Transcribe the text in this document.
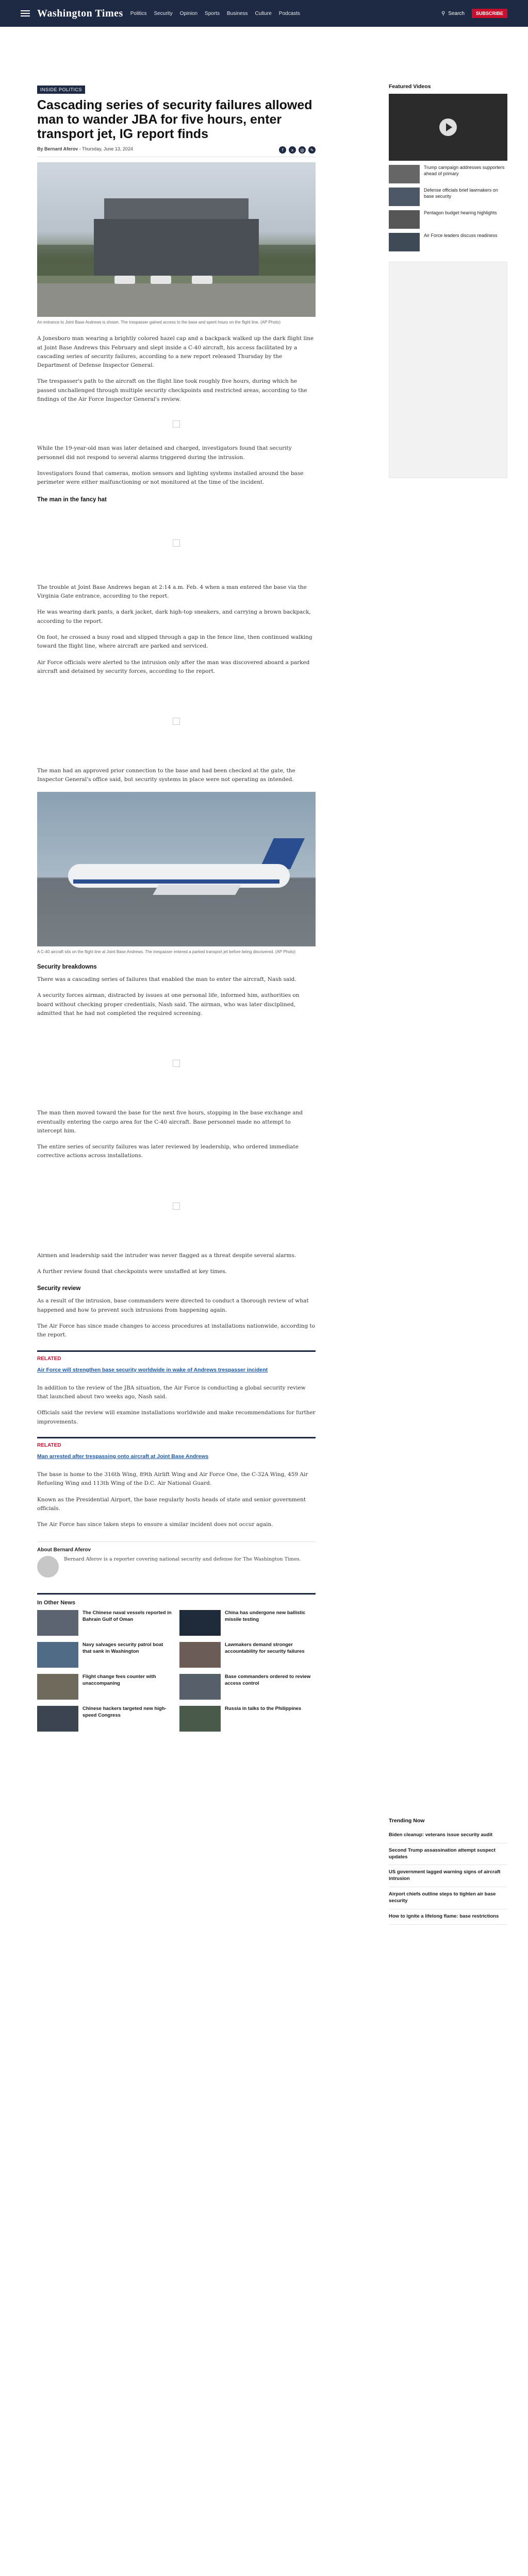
Washington Times Politics Security Opinion Sports Business Culture Podcasts	⚲ Search	SUBSCRIBE
INSIDE POLITICS
Cascading series of security failures allowed man to wander JBA for five hours, enter transport jet, IG report finds
By Bernard Aferov - Thursday, June 13, 2024	f	x	@	✎
An entrance to Joint Base Andrews is shown. The trespasser gained access to the base and spent hours on the flight line. (AP Photo)

A Jonesboro man wearing a brightly colored hazel cap and a backpack walked up the dark flight line at Joint Base Andrews this February and slept inside a C-40 aircraft, his access facilitated by a cascading series of security failures, according to a new report released Thursday by the Department of Defense Inspector General.

The trespasser's path to the aircraft on the flight line took roughly five hours, during which he passed unchallenged through multiple security checkpoints and restricted areas, according to the findings of the Air Force Inspector General's review.

While the 19-year-old man was later detained and charged, investigators found that security personnel did not respond to several alarms triggered during the intrusion.

Investigators found that cameras, motion sensors and lighting systems installed around the base perimeter were either malfunctioning or not monitored at the time of the incident.

The man in the fancy hat

The trouble at Joint Base Andrews began at 2:14 a.m. Feb. 4 when a man entered the base via the Virginia Gate entrance, according to the report.

He was wearing dark pants, a dark jacket, dark high-top sneakers, and carrying a brown backpack, according to the report.

On foot, he crossed a busy road and slipped through a gap in the fence line, then continued walking toward the flight line, where aircraft are parked and serviced.

Air Force officials were alerted to the intrusion only after the man was discovered aboard a parked aircraft and detained by security forces, according to the report.

The man had an approved prior connection to the base and had been checked at the gate, the Inspector General's office said, but security systems in place were not operating as intended.

A C-40 aircraft sits on the flight line at Joint Base Andrews. The trespasser entered a parked transport jet before being discovered. (AP Photo)
Security breakdowns

There was a cascading series of failures that enabled the man to enter the aircraft, Nash said.

A security forces airman, distracted by issues at one personal life, informed him, authorities on board without checking proper credentials, Nash said. The airman, who was later disciplined, admitted that he had not completed the required screening.

The man then moved toward the base for the next five hours, stopping in the base exchange and eventually entering the cargo area for the C-40 aircraft. Base personnel made no attempt to intercept him.

The entire series of security failures was later reviewed by leadership, who ordered immediate corrective actions across installations.

Airmen and leadership said the intruder was never flagged as a threat despite several alarms.

A further review found that checkpoints were unstaffed at key times.

Security review

As a result of the intrusion, base commanders were directed to conduct a thorough review of what happened and how to prevent such intrusions from happening again.

The Air Force has since made changes to access procedures at installations nationwide, according to the report.

RELATED
Air Force will strengthen base security worldwide in wake of Andrews trespasser incident

In addition to the review of the JBA situation, the Air Force is conducting a global security review that launched about two weeks ago, Nash said.

Officials said the review will examine installations worldwide and make recommendations for further improvements.

RELATED
Man arrested after trespassing onto aircraft at Joint Base Andrews

The base is home to the 316th Wing, 89th Airlift Wing and Air Force One, the C-32A Wing, 459 Air Refueling Wing and 113th Wing of the D.C. Air National Guard.

Known as the Presidential Airport, the base regularly hosts heads of state and senior government officials.

The Air Force has since taken steps to ensure a similar incident does not occur again.

About Bernard Aferov
Bernard Aferov is a reporter covering national security and defense for The Washington Times.
In Other News
The Chinese naval vessels reported in Bahrain Gulf of Oman
Navy salvages security patrol boat that sank in Washington
Flight change fees counter with unaccompaning
Chinese hackers targeted new high-speed Congress
China has undergone new ballistic missile testing
Lawmakers demand stronger accountability for security failures
Base commanders ordered to review access control
Russia in talks to the Philippines
Featured Videos
Trump campaign addresses supporters ahead of primary
Defense officials brief lawmakers on base security
Pentagon budget hearing highlights
Air Force leaders discuss readiness
Trending Now
Biden cleanup: veterans issue security audit
Second Trump assassination attempt suspect updates
US government lagged warning signs of aircraft intrusion
Airport chiefs outline steps to tighten air base security
How to ignite a lifelong flame: base restrictions
